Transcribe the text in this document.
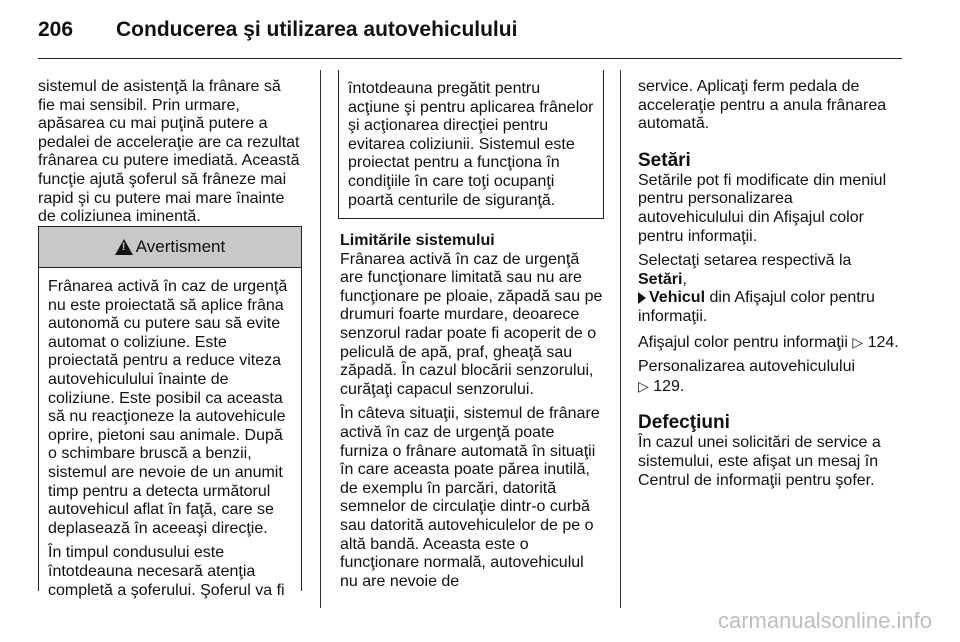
206 Conducerea şi utilizarea autovehiculului

sistemul de asistenţă la frânare să fie mai sensibil. Prin urmare, apăsarea cu mai puţină putere a pedalei de acceleraţie are ca rezultat frânarea cu putere imediată. Această funcţie ajută şoferul să frâneze mai rapid şi cu putere mai mare înainte de coliziunea iminentă.

!
Avertisment

Frânarea activă în caz de urgenţă nu este proiectată să aplice frâna autonomă cu putere sau să evite automat o coliziune. Este proiectată pentru a reduce viteza autovehiculului înainte de coliziune. Este posibil ca aceasta să nu reacţioneze la autovehicule oprire, pietoni sau animale. După o schimbare bruscă a benzii, sistemul are nevoie de un anumit timp pentru a detecta următorul autovehicul aflat în faţă, care se deplasează în aceeaşi direcţie.

În timpul condusului este întotdeauna necesară atenţia completă a şoferului. Şoferul va fi

întotdeauna pregătit pentru acţiune şi pentru aplicarea frânelor şi acţionarea direcţiei pentru evitarea coliziunii. Sistemul este proiectat pentru a funcţiona în condiţiile în care toţi ocupanţi poartă centurile de siguranţă.

Limitările sistemului
Frânarea activă în caz de urgenţă are funcţionare limitată sau nu are funcţionare pe ploaie, zăpadă sau pe drumuri foarte murdare, deoarece senzorul radar poate fi acoperit de o peliculă de apă, praf, gheaţă sau zăpadă. În cazul blocării senzorului, curăţaţi capacul senzorului.

În câteva situaţii, sistemul de frânare activă în caz de urgenţă poate furniza o frânare automată în situaţii în care aceasta poate părea inutilă, de exemplu în parcări, datorită semnelor de circulaţie dintr-o curbă sau datorită autovehiculelor de pe o altă bandă. Aceasta este o funcţionare normală, autovehiculul nu are nevoie de

service. Aplicaţi ferm pedala de acceleraţie pentru a anula frânarea automată.

Setări

Setările pot fi modificate din meniul pentru personalizarea autovehiculului din Afişajul color pentru informaţii.

Selectaţi setarea respectivă la Setări,
Vehicul din Afişajul color pentru informaţii.

Afişajul color pentru informaţii ▷ 124.

Personalizarea autovehiculului
▷ 129.

Defecţiuni

În cazul unei solicitări de service a sistemului, este afişat un mesaj în Centrul de informaţii pentru şofer.

carmanualsonline.info
